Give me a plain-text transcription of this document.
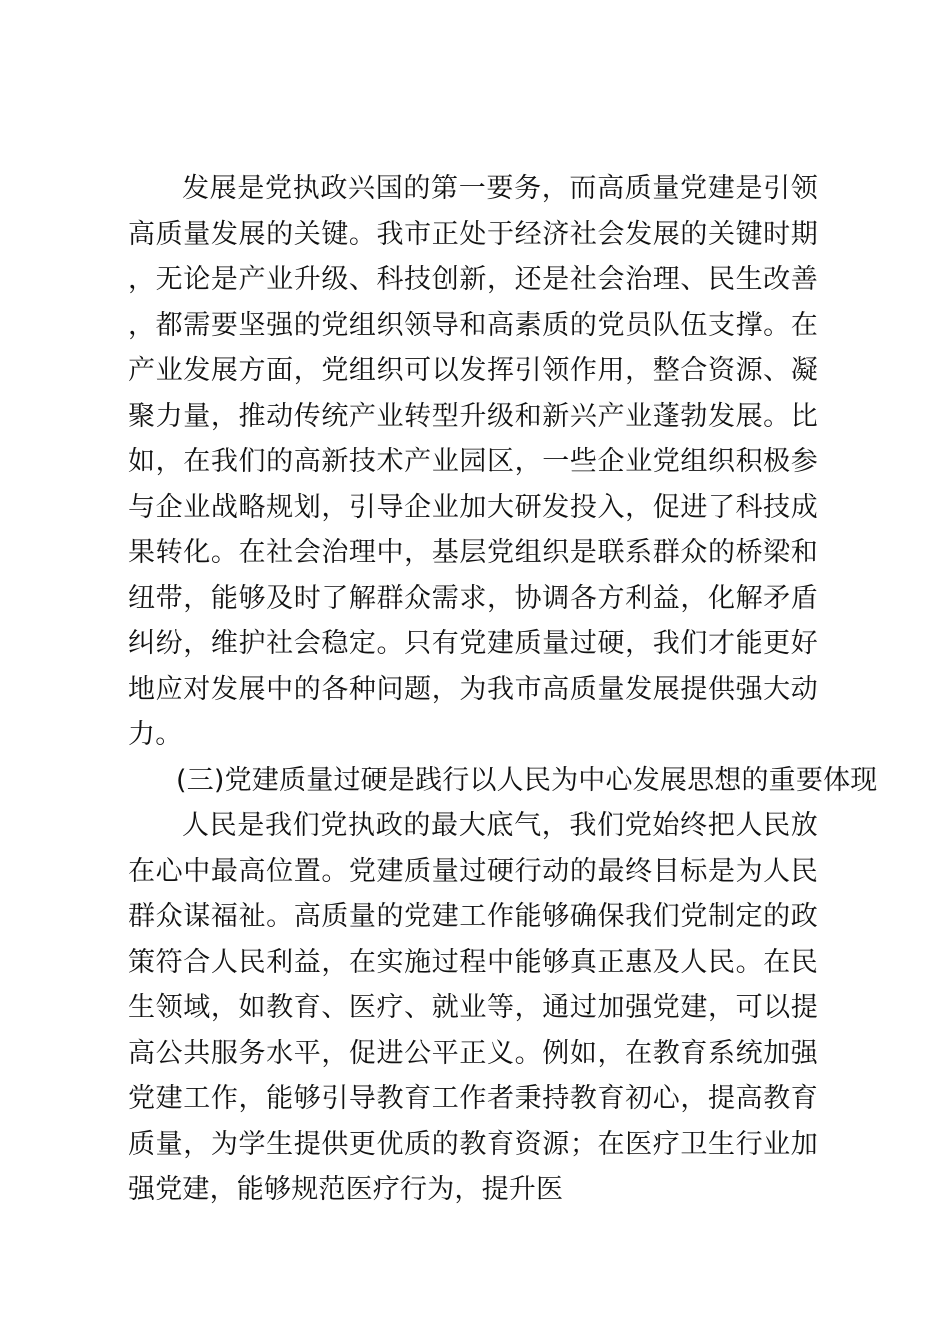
发展是党执政兴国的第一要务，而高质量党建是引领高质量发展的关键。我市正处于经济社会发展的关键时期，无论是产业升级、科技创新，还是社会治理、民生改善，都需要坚强的党组织领导和高素质的党员队伍支撑。在产业发展方面，党组织可以发挥引领作用，整合资源、凝聚力量，推动传统产业转型升级和新兴产业蓬勃发展。比如，在我们的高新技术产业园区，一些企业党组织积极参与企业战略规划，引导企业加大研发投入，促进了科技成果转化。在社会治理中，基层党组织是联系群众的桥梁和纽带，能够及时了解群众需求，协调各方利益，化解矛盾纠纷，维护社会稳定。只有党建质量过硬，我们才能更好地应对发展中的各种问题，为我市高质量发展提供强大动力。

(三)党建质量过硬是践行以人民为中心发展思想的重要体现

人民是我们党执政的最大底气，我们党始终把人民放在心中最高位置。党建质量过硬行动的最终目标是为人民群众谋福祉。高质量的党建工作能够确保我们党制定的政策符合人民利益，在实施过程中能够真正惠及人民。在民生领域，如教育、医疗、就业等，通过加强党建，可以提高公共服务水平，促进公平正义。例如，在教育系统加强党建工作，能够引导教育工作者秉持教育初心，提高教育质量，为学生提供更优质的教育资源；在医疗卫生行业加强党建，能够规范医疗行为，提升医
